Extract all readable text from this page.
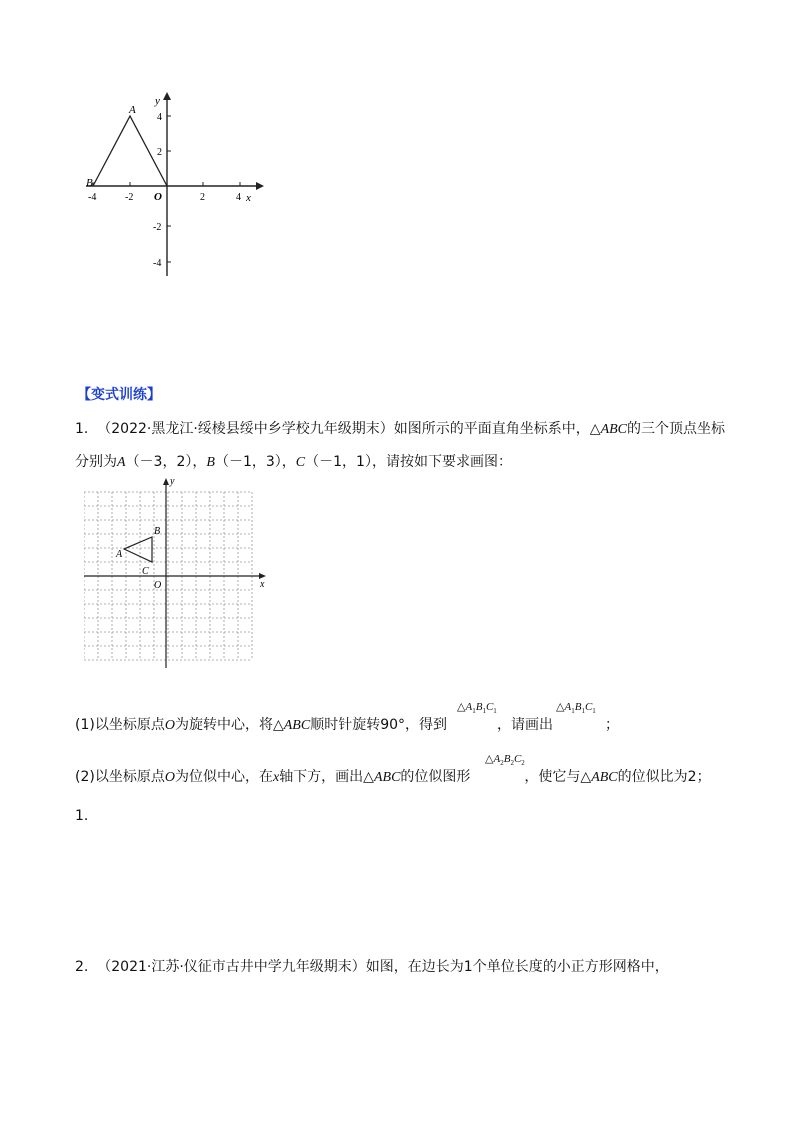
y
x
O
A
B
-4	-2	2	4
4
2
-2
-4
【变式训练】
1. （2022·黑龙江·绥棱县绥中乡学校九年级期末）如图所示的平面直角坐标系中，△ABC的三个顶点坐标
分别为A（－3，2），B（－1，3），C（－1，1），请按如下要求画图：
y
x
O
A
B
C
$\triangle A_1B_1C_1$	$\triangle A_1B_1C_1$
(1)以坐标原点O为旋转中心，将△ABC顺时针旋转90°，得到	，请画出	；
$\triangle A_2B_2C_2$
(2)以坐标原点O为位似中心，在x轴下方，画出△ABC的位似图形	，使它与△ABC的位似比为2；
1.
2. （2021·江苏·仪征市古井中学九年级期末）如图，在边长为1个单位长度的小正方形网格中，
